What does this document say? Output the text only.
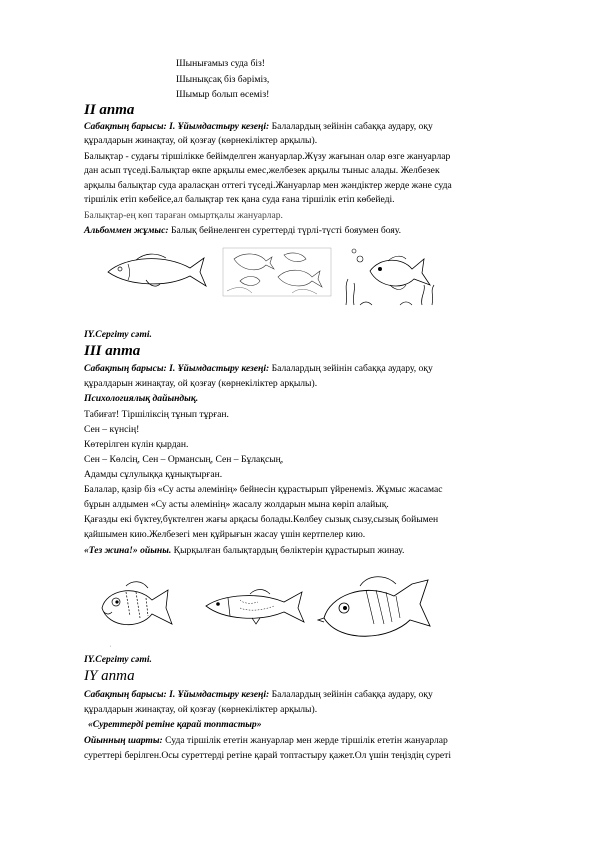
Шынығамыз суда біз!
Шынықсақ біз бәріміз,
Шымыр болып өсеміз!
II апта
Сабақтың барысы: I. Ұйымдастыру кезеңі: Балалардың зейінін сабаққа аудару, оқу
құралдарын жинақтау, ой қозғау (көрнекіліктер арқылы).
Балықтар - судағы тіршілікке бейімделген жануарлар.Жүзу жағынан олар өзге жануарлар
дан асып түседі.Балықтар өкпе арқылы емес,желбезек арқылы тыныс алады. Желбезек
арқылы балықтар суда араласқан оттегі түседі.Жануарлар мен жәндіктер жерде және суда
тіршілік етіп көбейсе,ал балықтар тек қана суда ғана тіршілік етіп көбейеді.
Балықтар-ең көп тараған омыртқалы жануарлар.
Альбоммен жұмыс: Балық бейнеленген суреттерді түрлі-түсті бояумен бояу.
IY.Сергіту сәті.
III апта
Сабақтың барысы: I. Ұйымдастыру кезеңі: Балалардың зейінін сабаққа аудару, оқу
құралдарын жинақтау, ой қозғау (көрнекіліктер арқылы).
Психологиялық дайындық.
Табиғат! Тіршіліксің тұнып тұрған.
Сен – күнсің!
Көтерілген күлін қырдан.
Сен – Көлсің, Сен – Ормансың, Сен – Бұлақсың,
Адамды сұлулыққа құнықтырған.
Балалар, қазір біз «Су асты әлемінің» бейнесін құрастырып үйренеміз. Жұмыс жасамас
бұрын алдымен «Су асты әлемінің» жасалу жолдарын мына көріп алайық.
Қағазды екі бүктеу,бүктелген жағы арқасы болады.Көлбеу сызық сызу,сызық бойымен
қайшымен кию.Желбезегі мен құйрығын жасау үшін кертпелер кию.
«Тез жина!» ойыны. Қырқылған балықтардың бөліктерін құрастырып жинау.
▪
IY.Сергіту сәті.
IY апта
Сабақтың барысы: I. Ұйымдастыру кезеңі: Балалардың зейінін сабаққа аудару, оқу
құралдарын жинақтау, ой қозғау (көрнекіліктер арқылы).
«Суреттерді ретіне қарай топтастыр»
Ойынның шарты: Суда тіршілік ететін жануарлар мен жерде тіршілік ететін жануарлар
суреттері берілген.Осы суреттерді ретіне қарай топтастыру қажет.Ол үшін теңіздің суреті
